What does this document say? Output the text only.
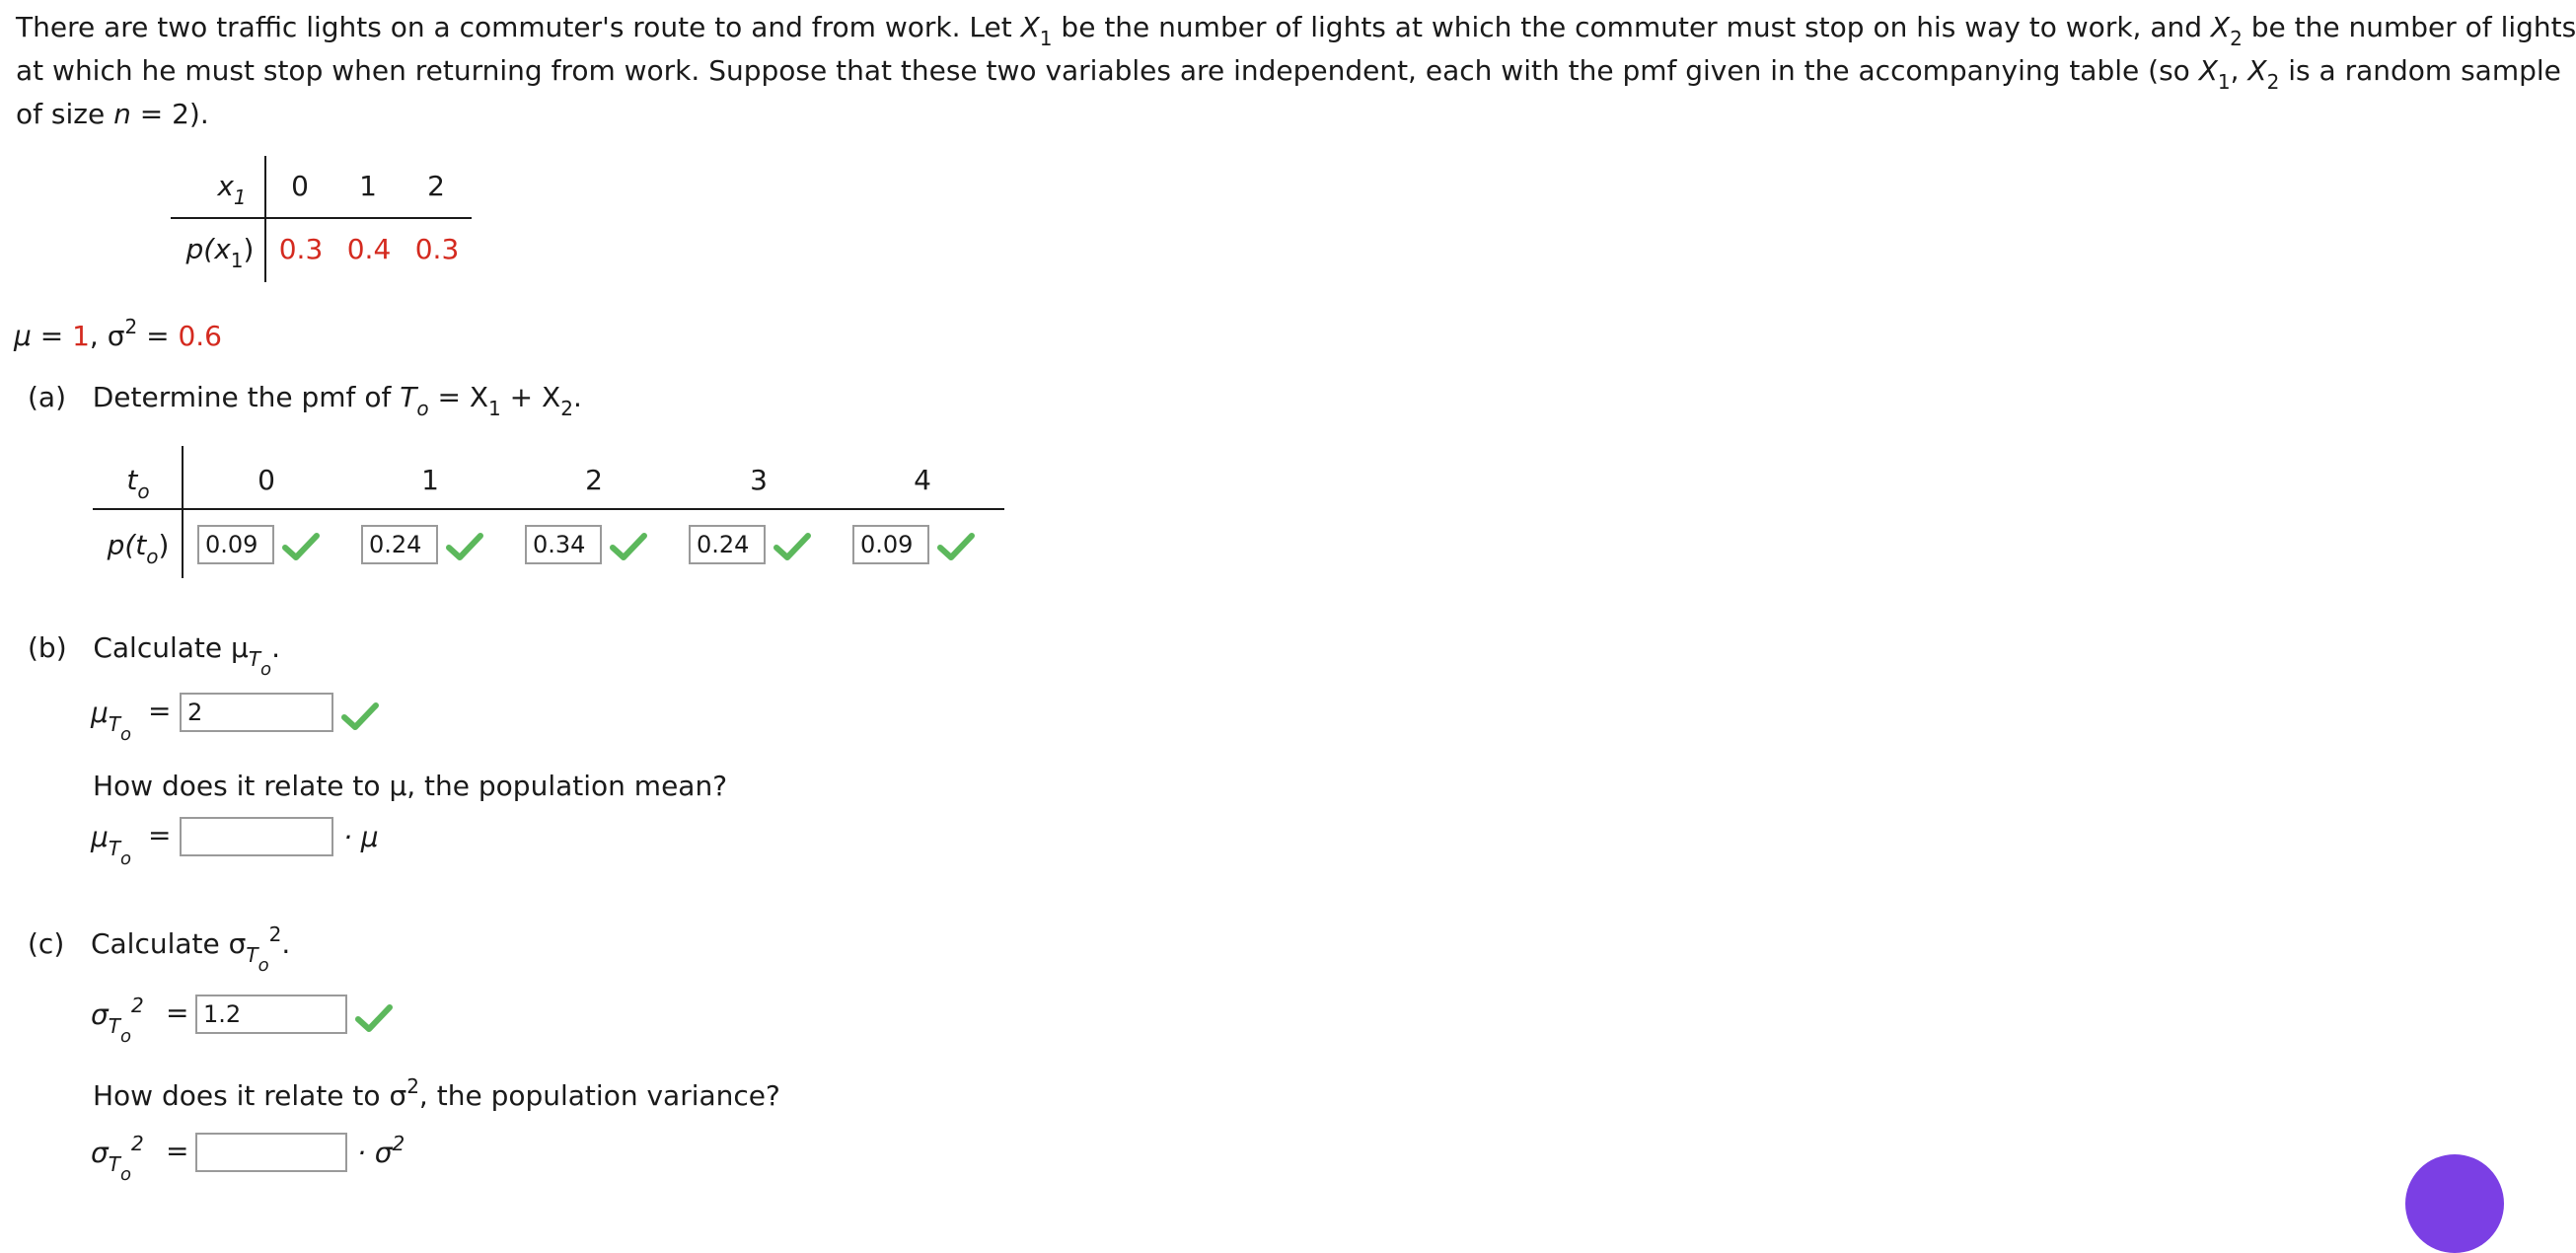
There are two traffic lights on a commuter's route to and from work. Let $X_1$ be the number of lights at which the commuter must stop on his way to work, and $X_2$ be the number of lights
at which he must stop when returning from work. Suppose that these two variables are independent, each with the pmf given in the accompanying table (so $X_1$, $X_2$ is a random sample
of size n = 2).
$x_1$	0	1	2
$p(x_1)$ 0.3 0.4 0.3
μ = 1, $\sigma^2 = 0.6$
(a) Determine the pmf of $T_o = X_1 + X_2$.
$t_o$	0	1	2	3	4
$p(t_o)$	0.09	0.24	0.34	0.24	0.09
(b) Calculate $\mu_{To}$.
$\mu_{To}$
= 2
How does it relate to μ, the population mean?
$\mu_{To}$
=	· μ
(c) Calculate $\sigma_{To}^2$.
$\sigma_{To}^2 = 1.2$
How does it relate to $\sigma^2$, the population variance?
$\sigma_{To}^2$ =	· $\sigma^2$
